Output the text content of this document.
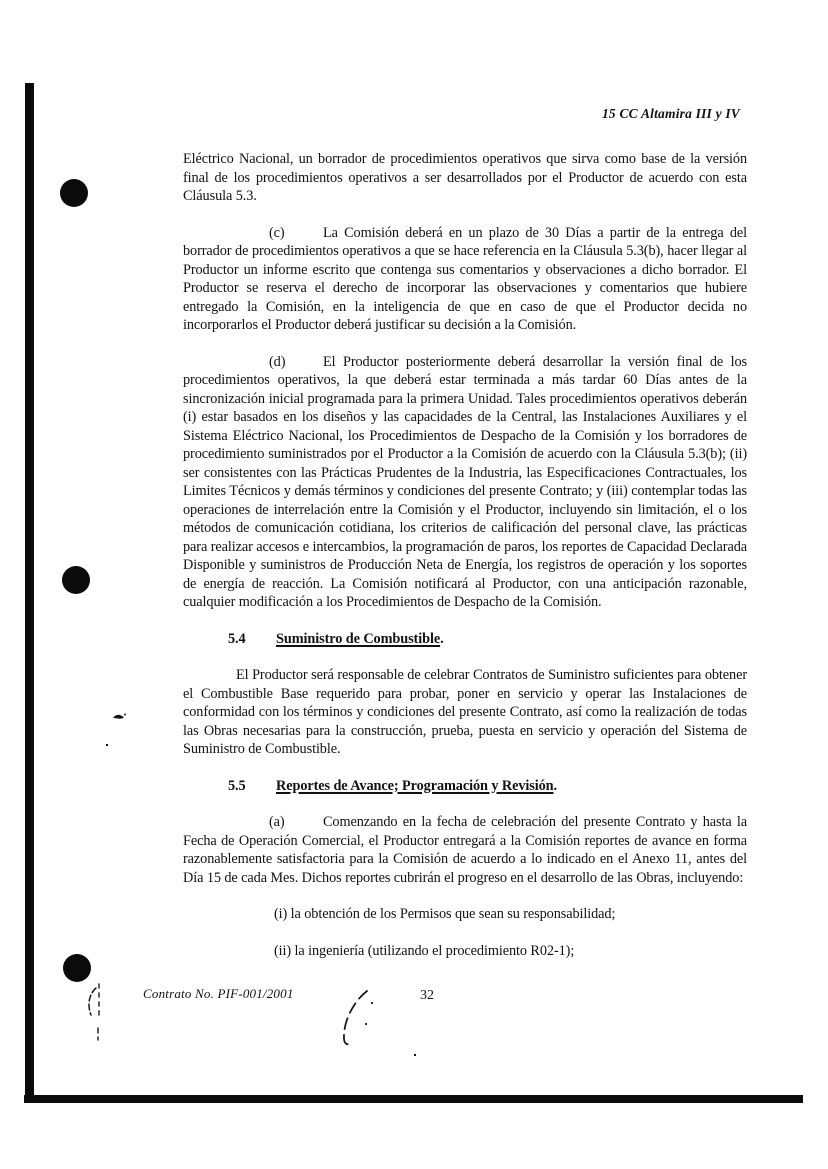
15 CC Altamira III y IV

Eléctrico Nacional, un borrador de procedimientos operativos que sirva como base de la versión final de los procedimientos operativos a ser desarrollados por el Productor de acuerdo con esta Cláusula 5.3.

(c)	La Comisión deberá en un plazo de 30 Días a partir de la entrega del borrador de procedimientos operativos a que se hace referencia en la Cláusula 5.3(b), hacer llegar al Productor un informe escrito que contenga sus comentarios y observaciones a dicho borrador. El Productor se reserva el derecho de incorporar las observaciones y comentarios que hubiere entregado la Comisión, en la inteligencia de que en caso de que el Productor decida no incorporarlos el Productor deberá justificar su decisión a la Comisión.

(d)	El Productor posteriormente deberá desarrollar la versión final de los procedimientos operativos, la que deberá estar terminada a más tardar 60 Días antes de la sincronización inicial programada para la primera Unidad. Tales procedimientos operativos deberán (i) estar basados en los diseños y las capacidades de la Central, las Instalaciones Auxiliares y el Sistema Eléctrico Nacional, los Procedimientos de Despacho de la Comisión y los borradores de procedimiento suministrados por el Productor a la Comisión de acuerdo con la Cláusula 5.3(b); (ii) ser consistentes con las Prácticas Prudentes de la Industria, las Especificaciones Contractuales, los Limites Técnicos y demás términos y condiciones del presente Contrato; y (iii) contemplar todas las operaciones de interrelación entre la Comisión y el Productor, incluyendo sin limitación, el o los métodos de comunicación cotidiana, los criterios de calificación del personal clave, las prácticas para realizar accesos e intercambios, la programación de paros, los reportes de Capacidad Declarada Disponible y suministros de Producción Neta de Energía, los registros de operación y los soportes de energía de reacción. La Comisión notificará al Productor, con una anticipación razonable, cualquier modificación a los Procedimientos de Despacho de la Comisión.

5.4 Suministro de Combustible.

El Productor será responsable de celebrar Contratos de Suministro suficientes para obtener el Combustible Base requerido para probar, poner en servicio y operar las Instalaciones de conformidad con los términos y condiciones del presente Contrato, así como la realización de todas las Obras necesarias para la construcción, prueba, puesta en servicio y operación del Sistema de Suministro de Combustible.

5.5 Reportes de Avance; Programación y Revisión.

(a)	Comenzando en la fecha de celebración del presente Contrato y hasta la Fecha de Operación Comercial, el Productor entregará a la Comisión reportes de avance en forma razonablemente satisfactoria para la Comisión de acuerdo a lo indicado en el Anexo 11, antes del Día 15 de cada Mes. Dichos reportes cubrirán el progreso en el desarrollo de las Obras, incluyendo:

(i) la obtención de los Permisos que sean su responsabilidad;

(ii) la ingeniería (utilizando el procedimiento R02-1);

Contrato No. PIF-001/2001	32
